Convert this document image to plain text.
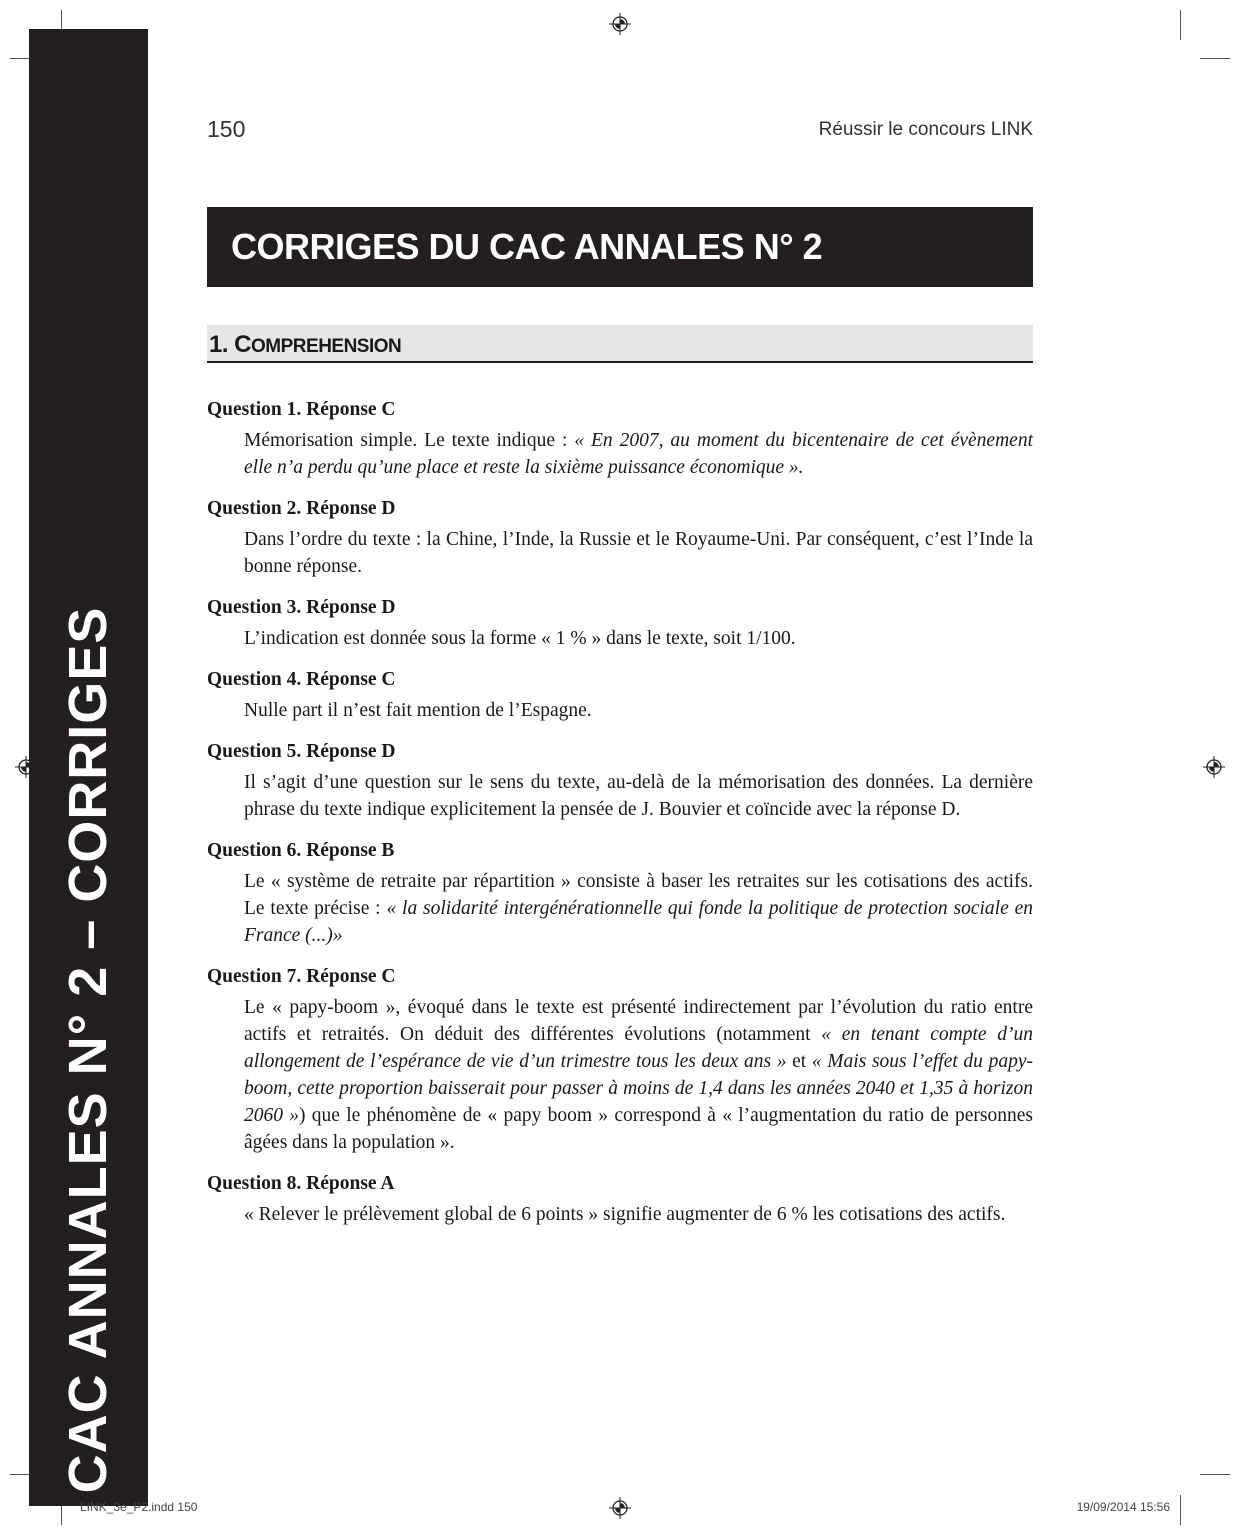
CAC ANNALES N° 2 – CORRIGES
150	Réussir le concours LINK
CORRIGES DU CAC ANNALES N° 2
1. COMPREHENSION
Question 1. Réponse C
Mémorisation simple. Le texte indique : « En 2007, au moment du bicentenaire de cet évènement elle n’a perdu qu’une place et reste la sixième puissance économique ».
Question 2. Réponse D
Dans l’ordre du texte : la Chine, l’Inde, la Russie et le Royaume-Uni. Par conséquent, c’est l’Inde la bonne réponse.
Question 3. Réponse D
L’indication est donnée sous la forme « 1 % » dans le texte, soit 1/100.
Question 4. Réponse C
Nulle part il n’est fait mention de l’Espagne.
Question 5. Réponse D
Il s’agit d’une question sur le sens du texte, au-delà de la mémorisation des données. La dernière phrase du texte indique explicitement la pensée de J. Bouvier et coïncide avec la réponse D.
Question 6. Réponse B
Le « système de retraite par répartition » consiste à baser les retraites sur les cotisations des actifs. Le texte précise : « la solidarité intergénérationnelle qui fonde la politique de protection sociale en France (...)»
Question 7. Réponse C
Le « papy-boom », évoqué dans le texte est présenté indirectement par l’évolution du ratio entre actifs et retraités. On déduit des différentes évolutions (notamment « en tenant compte d’un allongement de l’espérance de vie d’un trimestre tous les deux ans » et « Mais sous l’effet du papy-boom, cette proportion baisserait pour passer à moins de 1,4 dans les années 2040 et 1,35 à horizon 2060 ») que le phénomène de « papy boom » correspond à « l’augmentation du ratio de personnes âgées dans la population ».
Question 8. Réponse A
« Relever le prélèvement global de 6 points » signifie augmenter de 6 % les cotisations des actifs.
LINK_3e_P2.indd 150	19/09/2014 15:56
